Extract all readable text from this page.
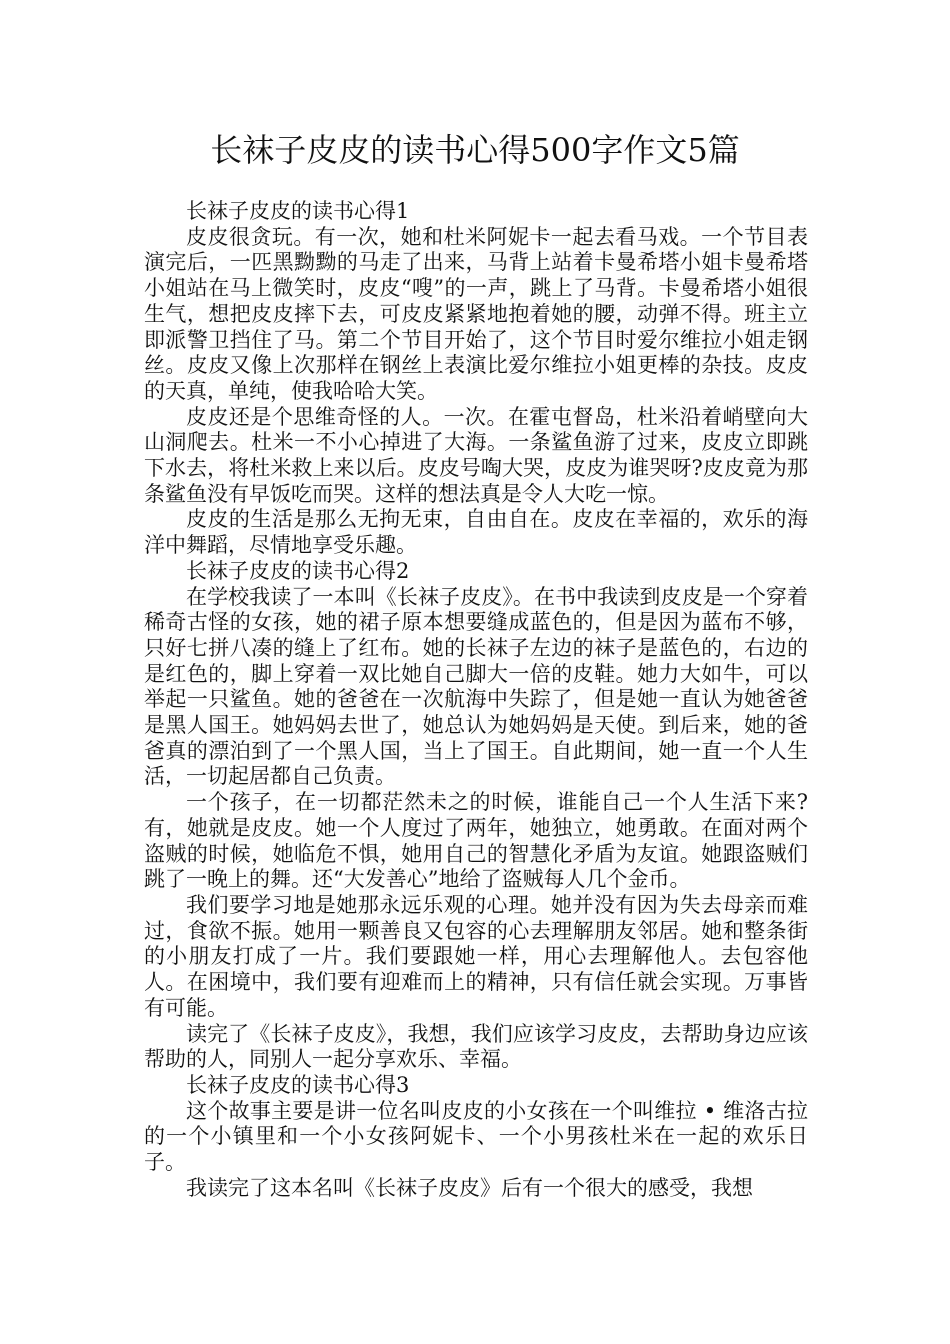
长袜子皮皮的读书心得500字作文5篇

长袜子皮皮的读书心得1

皮皮很贪玩。有一次，她和杜米阿妮卡一起去看马戏。一个节目表演完后，一匹黑黝黝的马走了出来，马背上站着卡曼希塔小姐卡曼希塔小姐站在马上微笑时，皮皮“嗖”的一声，跳上了马背。卡曼希塔小姐很生气，想把皮皮摔下去，可皮皮紧紧地抱着她的腰，动弹不得。班主立即派警卫挡住了马。第二个节目开始了，这个节目时爱尔维拉小姐走钢丝。皮皮又像上次那样在钢丝上表演比爱尔维拉小姐更棒的杂技。皮皮的天真，单纯，使我哈哈大笑。

皮皮还是个思维奇怪的人。一次。在霍屯督岛，杜米沿着峭壁向大山洞爬去。杜米一不小心掉进了大海。一条鲨鱼游了过来，皮皮立即跳下水去，将杜米救上来以后。皮皮号啕大哭，皮皮为谁哭呀?皮皮竟为那条鲨鱼没有早饭吃而哭。这样的想法真是令人大吃一惊。

皮皮的生活是那么无拘无束，自由自在。皮皮在幸福的，欢乐的海洋中舞蹈，尽情地享受乐趣。

长袜子皮皮的读书心得2

在学校我读了一本叫《长袜子皮皮》。在书中我读到皮皮是一个穿着稀奇古怪的女孩，她的裙子原本想要缝成蓝色的，但是因为蓝布不够，只好七拼八凑的缝上了红布。她的长袜子左边的袜子是蓝色的，右边的是红色的，脚上穿着一双比她自己脚大一倍的皮鞋。她力大如牛，可以举起一只鲨鱼。她的爸爸在一次航海中失踪了，但是她一直认为她爸爸是黑人国王。她妈妈去世了，她总认为她妈妈是天使。到后来，她的爸爸真的漂泊到了一个黑人国，当上了国王。自此期间，她一直一个人生活，一切起居都自己负责。

一个孩子，在一切都茫然未之的时候，谁能自己一个人生活下来?有，她就是皮皮。她一个人度过了两年，她独立，她勇敢。在面对两个盗贼的时候，她临危不惧，她用自己的智慧化矛盾为友谊。她跟盗贼们跳了一晚上的舞。还“大发善心”地给了盗贼每人几个金币。

我们要学习地是她那永远乐观的心理。她并没有因为失去母亲而难过，食欲不振。她用一颗善良又包容的心去理解朋友邻居。她和整条街的小朋友打成了一片。我们要跟她一样，用心去理解他人。去包容他人。在困境中，我们要有迎难而上的精神，只有信任就会实现。万事皆有可能。

读完了《长袜子皮皮》，我想，我们应该学习皮皮，去帮助身边应该帮助的人，同别人一起分享欢乐、幸福。

长袜子皮皮的读书心得3

这个故事主要是讲一位名叫皮皮的小女孩在一个叫维拉 • 维洛古拉的一个小镇里和一个小女孩阿妮卡、一个小男孩杜米在一起的欢乐日子。

我读完了这本名叫《长袜子皮皮》后有一个很大的感受，我想
